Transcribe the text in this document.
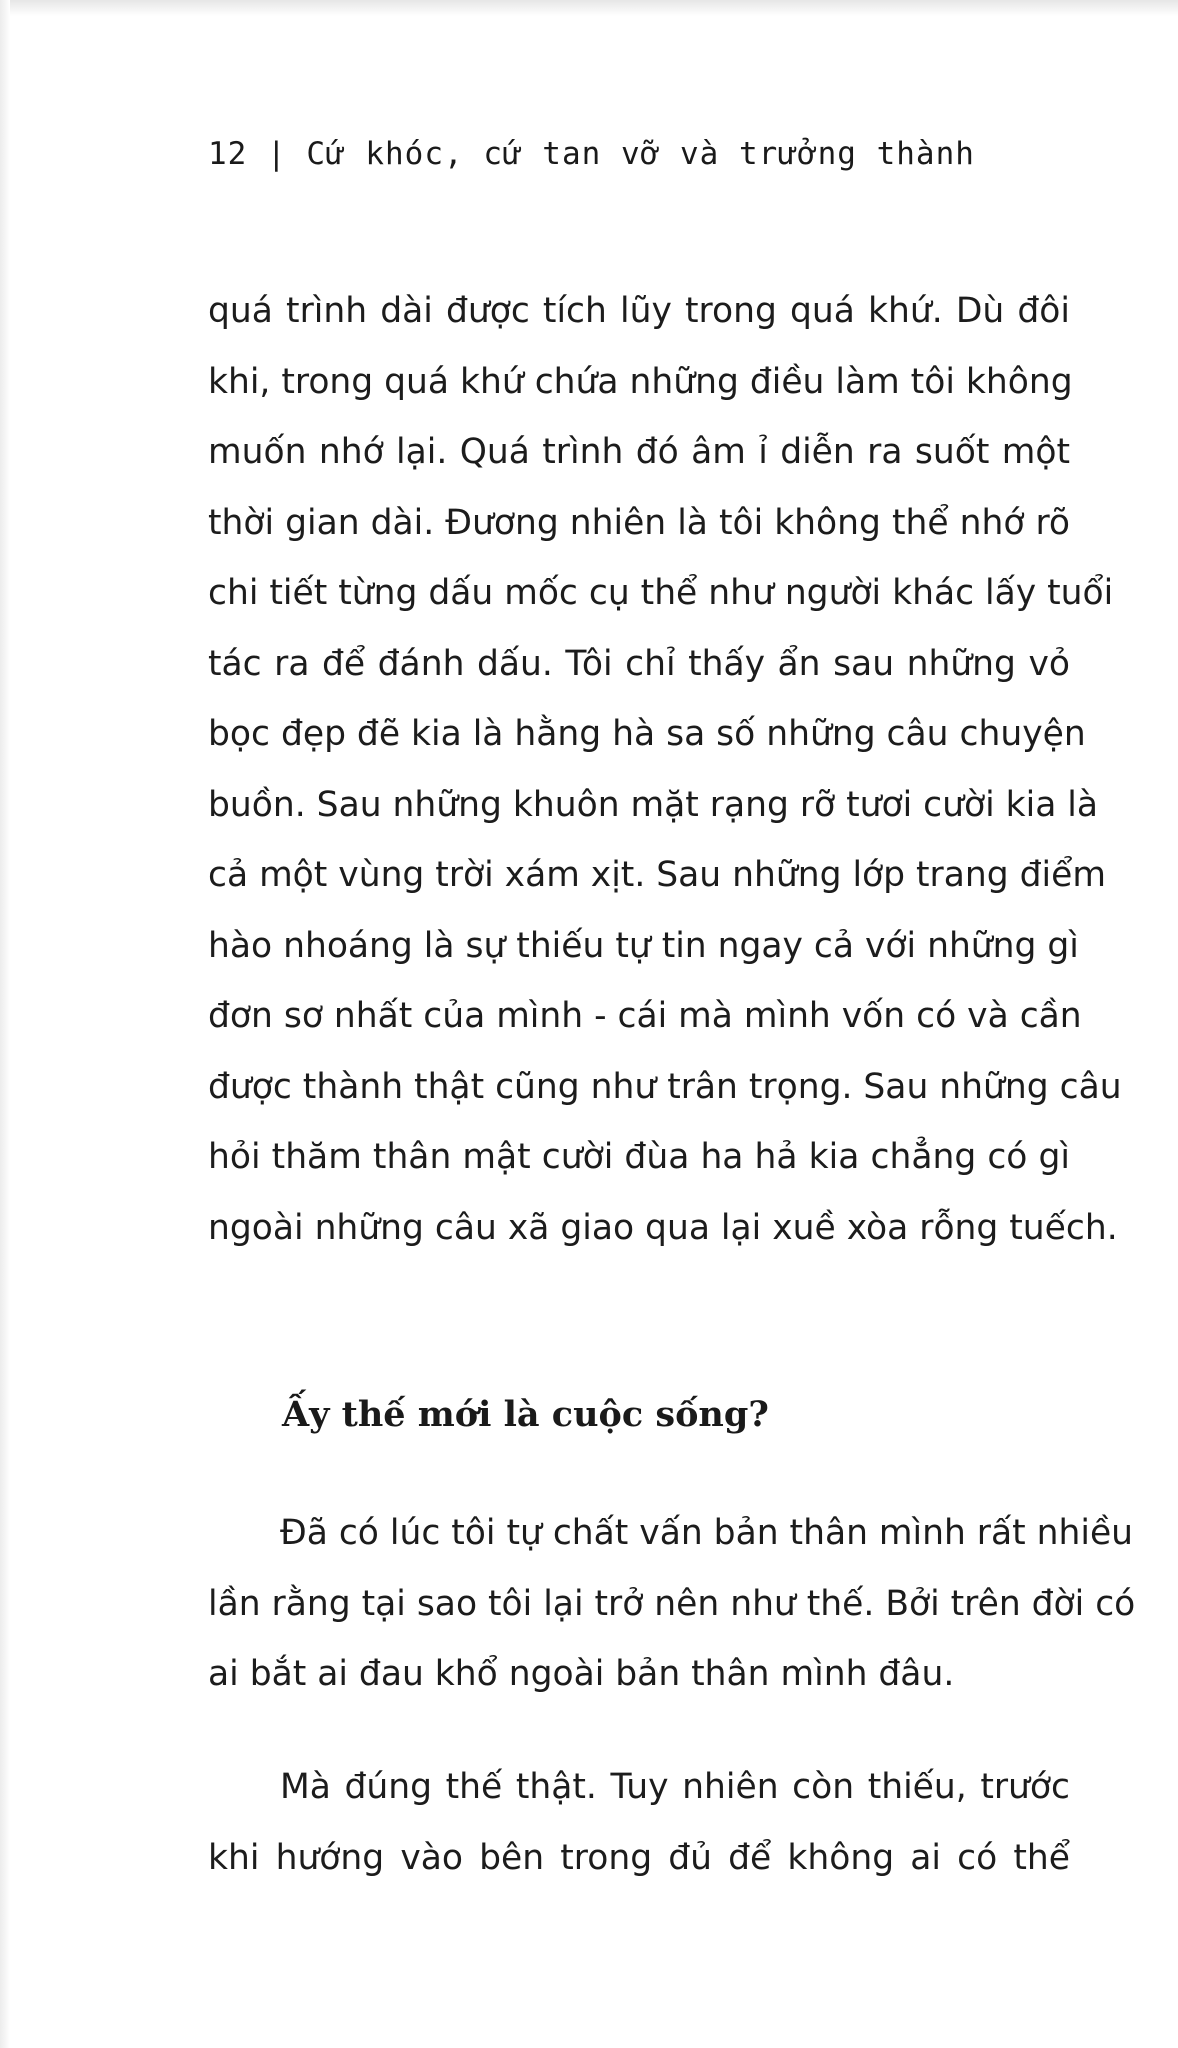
12 | Cứ khóc, cứ tan vỡ và trưởng thành
quá trình dài được tích lũy trong quá khứ. Dù đôi
khi, trong quá khứ chứa những điều làm tôi không
muốn nhớ lại. Quá trình đó âm ỉ diễn ra suốt một
thời gian dài. Đương nhiên là tôi không thể nhớ rõ
chi tiết từng dấu mốc cụ thể như người khác lấy tuổi
tác ra để đánh dấu. Tôi chỉ thấy ẩn sau những vỏ
bọc đẹp đẽ kia là hằng hà sa số những câu chuyện
buồn. Sau những khuôn mặt rạng rỡ tươi cười kia là
cả một vùng trời xám xịt. Sau những lớp trang điểm
hào nhoáng là sự thiếu tự tin ngay cả với những gì
đơn sơ nhất của mình - cái mà mình vốn có và cần
được thành thật cũng như trân trọng. Sau những câu
hỏi thăm thân mật cười đùa ha hả kia chẳng có gì
ngoài những câu xã giao qua lại xuề xòa rỗng tuếch.
Ấy thế mới là cuộc sống?
Đã có lúc tôi tự chất vấn bản thân mình rất nhiều
lần rằng tại sao tôi lại trở nên như thế. Bởi trên đời có
ai bắt ai đau khổ ngoài bản thân mình đâu.
Mà đúng thế thật. Tuy nhiên còn thiếu, trước
khi hướng vào bên trong đủ để không ai có thể
